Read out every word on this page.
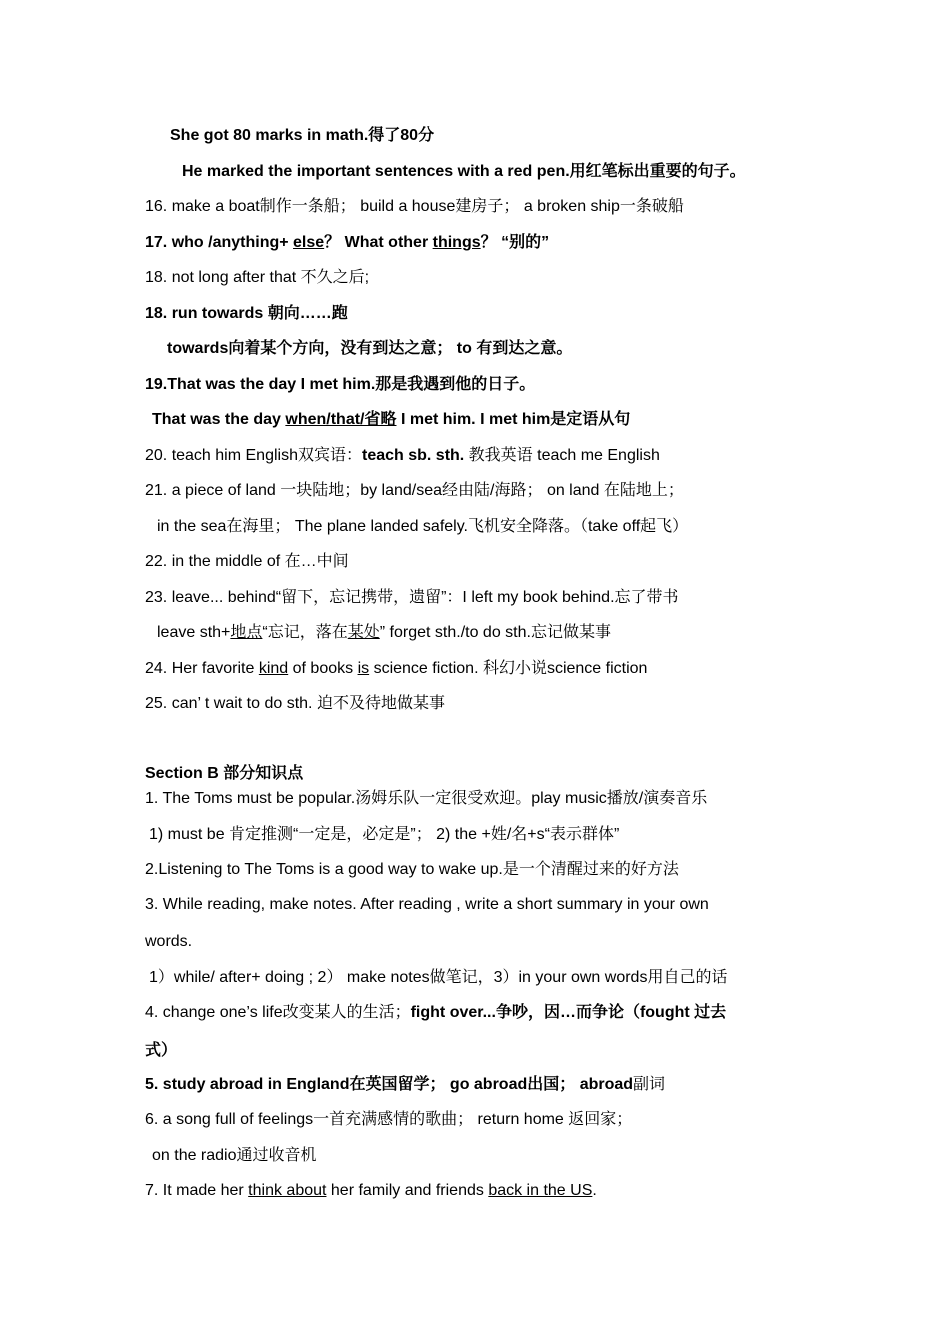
She got 80 marks in math.得了80分
He marked the important sentences with a red pen.用红笔标出重要的句子。
16. make a boat制作一条船； build a house建房子； a broken ship一条破船
17. who /anything+ else？ What other things？ “别的”
18. not long after that 不久之后;
18. run towards 朝向……跑
towards向着某个方向，没有到达之意； to 有到达之意。
19.That was the day I met him.那是我遇到他的日子。
That was the day when/that/省略 I met him. I met him是定语从句
20. teach him English双宾语：teach sb. sth. 教我英语 teach me English
21. a piece of land 一块陆地；by land/sea经由陆/海路； on land 在陆地上；
in the sea在海里； The plane landed safely.飞机安全降落。（take off起飞）
22. in the middle of 在…中间
23. leave... behind“留下，忘记携带，遗留”：I left my book behind.忘了带书
leave sth+地点“忘记，落在某处” forget sth./to do sth.忘记做某事
24. Her favorite kind of books is science fiction. 科幻小说science fiction
25. can’ t wait to do sth. 迫不及待地做某事
Section B 部分知识点
1. The Toms must be popular.汤姆乐队一定很受欢迎。play music播放/演奏音乐
1) must be 肯定推测“一定是，必定是”； 2) the +姓/名+s“表示群体”
2.Listening to The Toms is a good way to wake up.是一个清醒过来的好方法
3. While reading, make notes. After reading , write a short summary in your own
words.
1）while/ after+ doing ; 2） make notes做笔记，3）in your own words用自己的话
4. change one’s life改变某人的生活；fight over...争吵，因…而争论（fought 过去
式）
5. study abroad in England在英国留学； go abroad出国； abroad副词
6. a song full of feelings一首充满感情的歌曲； return home 返回家；
on the radio通过收音机
7. It made her think about her family and friends back in the US.
